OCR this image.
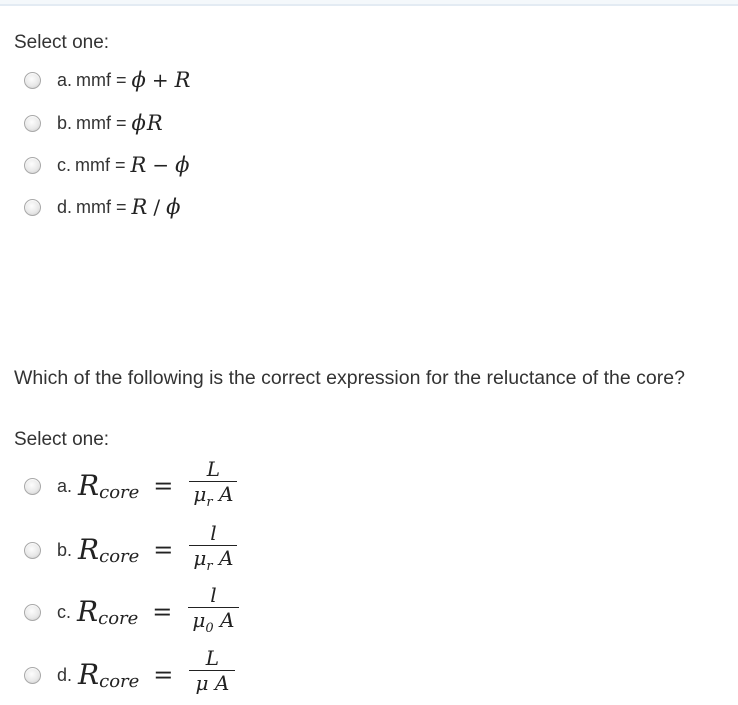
Select one:
a. mmf = ϕ + R
b. mmf = ϕ R
c. mmf = R − ϕ
d. mmf = R / ϕ
Which of the following is the correct expression for the reluctance of the core?
Select one:
a. R core = $\frac{L}{\mu_r A}$
b. R core = $\frac{l}{\mu_r A}$
c. R core = $\frac{l}{\mu_0 A}$
d. R core = $\frac{L}{\text{μ A}}$
